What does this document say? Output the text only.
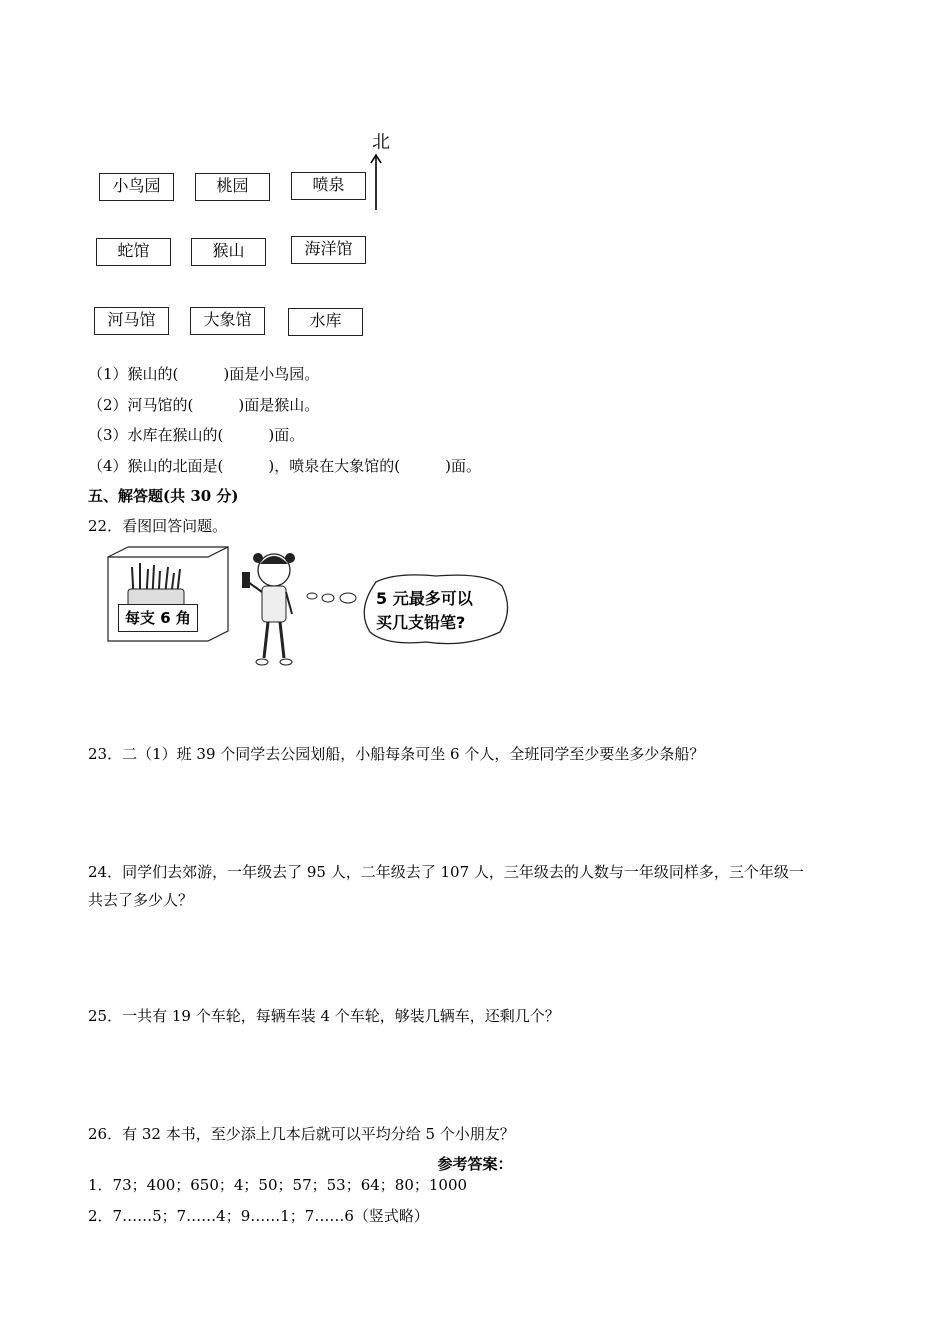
北
小鸟园	桃园	喷泉
蛇馆	猴山	海洋馆
河马馆	大象馆	水库
（1）猴山的(　　　)面是小鸟园。
（2）河马馆的(　　　)面是猴山。
（3）水库在猴山的(　　　)面。
（4）猴山的北面是(　　　)，喷泉在大象馆的(　　　)面。
五、解答题(共 30 分)
22．看图回答问题。
每支 6 角
5 元最多可以
买几支铅笔?
23．二（1）班 39 个同学去公园划船，小船每条可坐 6 个人，全班同学至少要坐多少条船？
24．同学们去郊游，一年级去了 95 人，二年级去了 107 人，三年级去的人数与一年级同样多，三个年级一
共去了多少人？
25．一共有 19 个车轮，每辆车装 4 个车轮，够装几辆车，还剩几个？
26．有 32 本书，至少添上几本后就可以平均分给 5 个小朋友？
参考答案：
1．73；400；650；4；50；57；53；64；80；1000
2．7……5；7……4；9……1；7……6（竖式略）
